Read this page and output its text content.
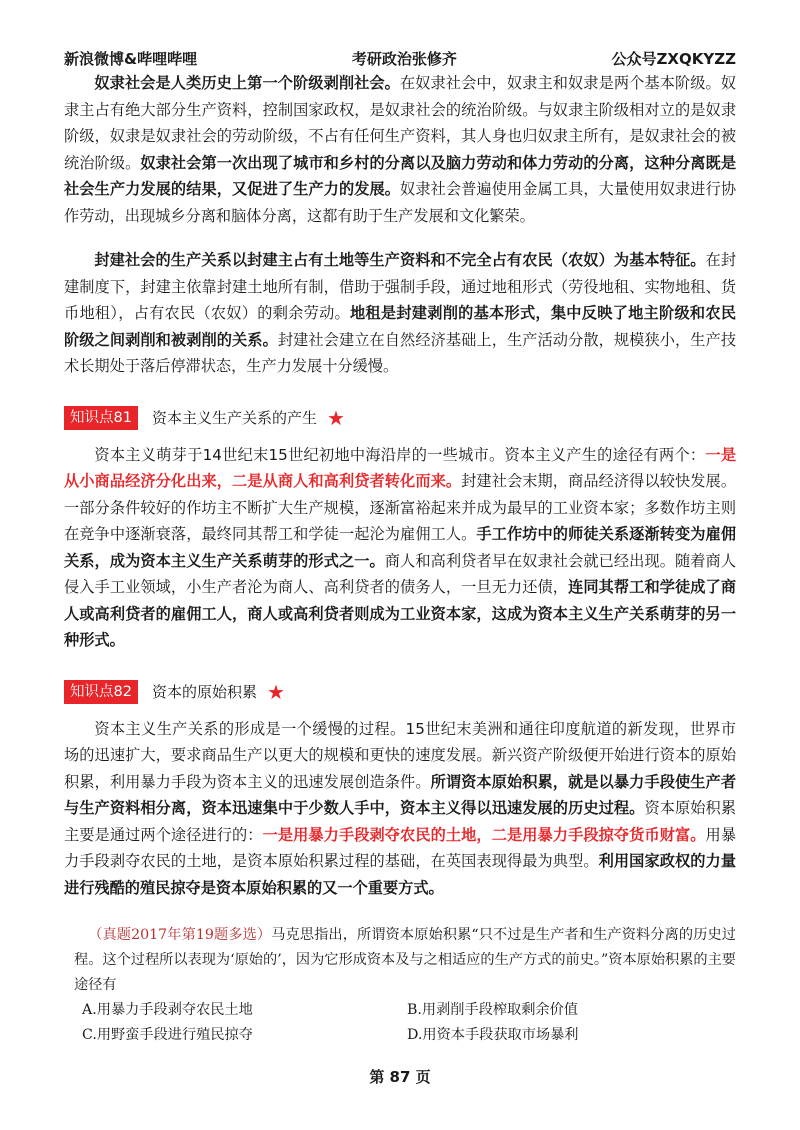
新浪微博&哔哩哔哩	考研政治张修齐	公众号ZXQKYZZ

奴隶社会是人类历史上第一个阶级剥削社会。在奴隶社会中，奴隶主和奴隶是两个基本阶级。奴隶主占有绝大部分生产资料，控制国家政权，是奴隶社会的统治阶级。与奴隶主阶级相对立的是奴隶阶级，奴隶是奴隶社会的劳动阶级，不占有任何生产资料，其人身也归奴隶主所有，是奴隶社会的被统治阶级。奴隶社会第一次出现了城市和乡村的分离以及脑力劳动和体力劳动的分离，这种分离既是社会生产力发展的结果，又促进了生产力的发展。奴隶社会普遍使用金属工具，大量使用奴隶进行协作劳动，出现城乡分离和脑体分离，这都有助于生产发展和文化繁荣。

封建社会的生产关系以封建主占有土地等生产资料和不完全占有农民（农奴）为基本特征。在封建制度下，封建主依靠封建土地所有制，借助于强制手段，通过地租形式（劳役地租、实物地租、货币地租），占有农民（农奴）的剩余劳动。地租是封建剥削的基本形式，集中反映了地主阶级和农民阶级之间剥削和被剥削的关系。封建社会建立在自然经济基础上，生产活动分散，规模狭小，生产技术长期处于落后停滞状态，生产力发展十分缓慢。

知识点81	资本主义生产关系的产生 ★

资本主义萌芽于14世纪末15世纪初地中海沿岸的一些城市。资本主义产生的途径有两个：一是从小商品经济分化出来，二是从商人和高利贷者转化而来。封建社会末期，商品经济得以较快发展。一部分条件较好的作坊主不断扩大生产规模，逐渐富裕起来并成为最早的工业资本家；多数作坊主则在竞争中逐渐衰落，最终同其帮工和学徒一起沦为雇佣工人。手工作坊中的师徒关系逐渐转变为雇佣关系，成为资本主义生产关系萌芽的形式之一。商人和高利贷者早在奴隶社会就已经出现。随着商人侵入手工业领域，小生产者沦为商人、高利贷者的债务人，一旦无力还债，连同其帮工和学徒成了商人或高利贷者的雇佣工人，商人或高利贷者则成为工业资本家，这成为资本主义生产关系萌芽的另一种形式。

知识点82	资本的原始积累 ★

资本主义生产关系的形成是一个缓慢的过程。15世纪末美洲和通往印度航道的新发现，世界市场的迅速扩大，要求商品生产以更大的规模和更快的速度发展。新兴资产阶级便开始进行资本的原始积累，利用暴力手段为资本主义的迅速发展创造条件。所谓资本原始积累，就是以暴力手段使生产者与生产资料相分离，资本迅速集中于少数人手中，资本主义得以迅速发展的历史过程。资本原始积累主要是通过两个途径进行的：一是用暴力手段剥夺农民的土地，二是用暴力手段掠夺货币财富。用暴力手段剥夺农民的土地，是资本原始积累过程的基础，在英国表现得最为典型。利用国家政权的力量进行残酷的殖民掠夺是资本原始积累的又一个重要方式。

（真题2017年第19题多选）马克思指出，所谓资本原始积累“只不过是生产者和生产资料分离的历史过程。这个过程所以表现为‘原始的’，因为它形成资本及与之相适应的生产方式的前史。”资本原始积累的主要途径有
A.用暴力手段剥夺农民土地	B.用剥削手段榨取剩余价值
C.用野蛮手段进行殖民掠夺	D.用资本手段获取市场暴利
第 87 页
